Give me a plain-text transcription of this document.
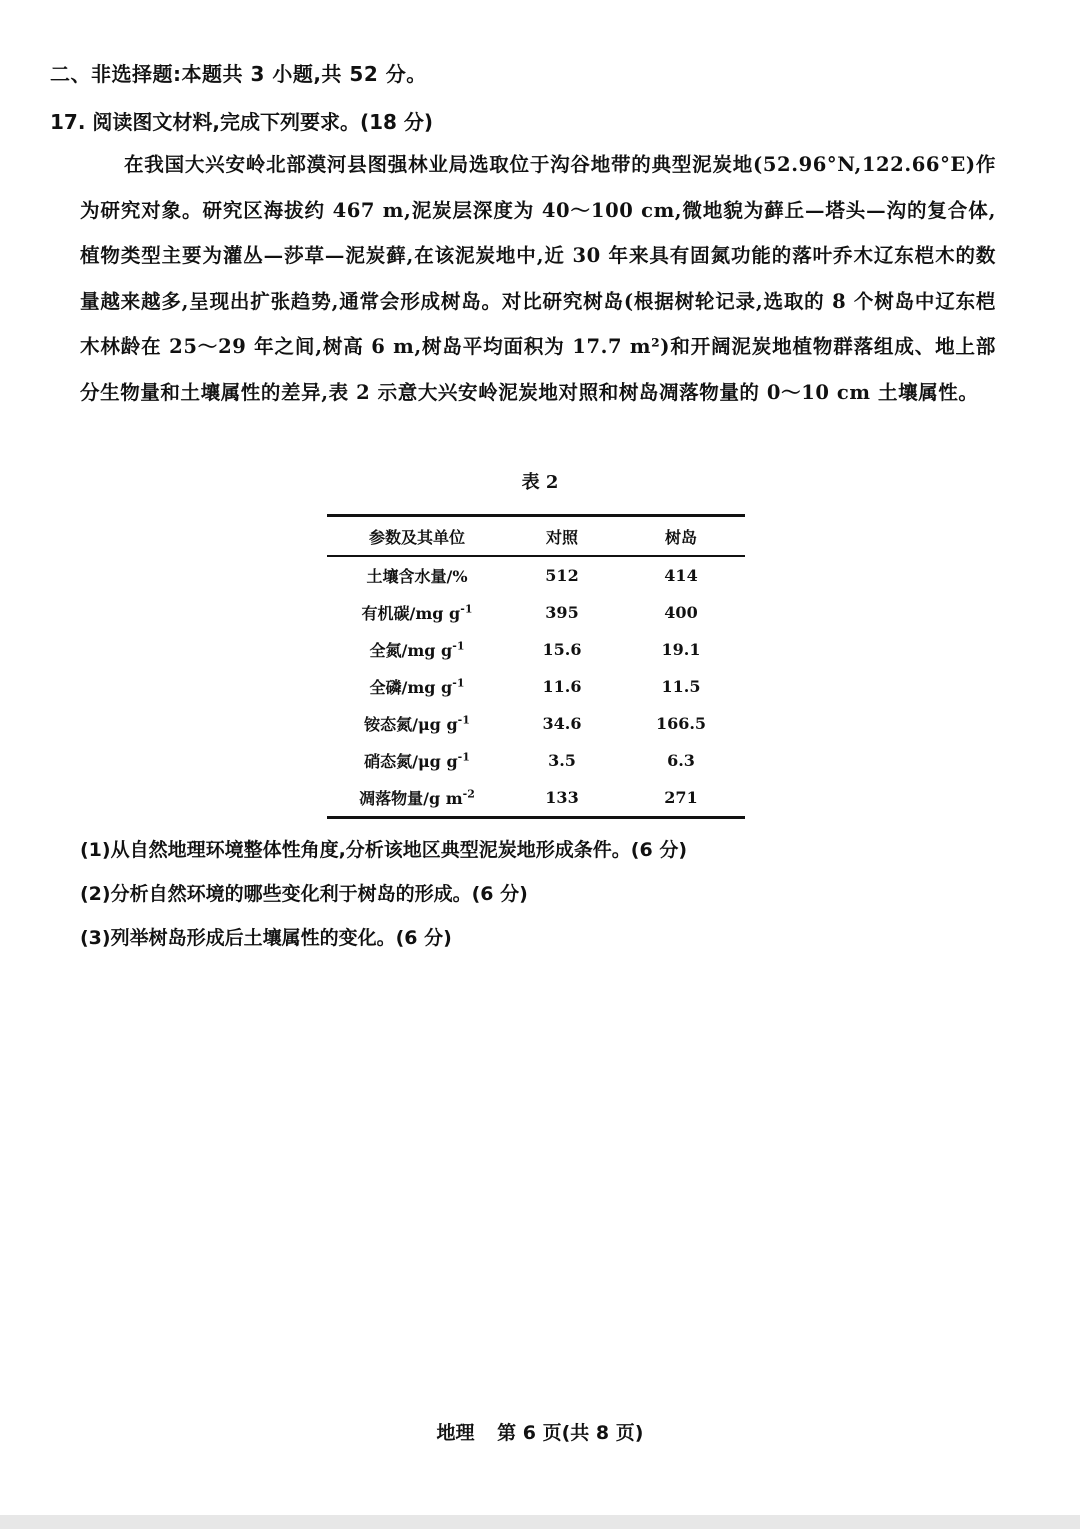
二、非选择题:本题共 3 小题,共 52 分。
17. 阅读图文材料,完成下列要求。(18 分)
在我国大兴安岭北部漠河县图强林业局选取位于沟谷地带的典型泥炭地(52.96°N,122.66°E)作为研究对象。研究区海拔约 467 m,泥炭层深度为 40～100 cm,微地貌为藓丘—塔头—沟的复合体,植物类型主要为灌丛—莎草—泥炭藓,在该泥炭地中,近 30 年来具有固氮功能的落叶乔木辽东桤木的数量越来越多,呈现出扩张趋势,通常会形成树岛。对比研究树岛(根据树轮记录,选取的 8 个树岛中辽东桤木林龄在 25～29 年之间,树高 6 m,树岛平均面积为 17.7 m²)和开阔泥炭地植物群落组成、地上部分生物量和土壤属性的差异,表 2 示意大兴安岭泥炭地对照和树岛凋落物量的 0～10 cm 土壤属性。
表 2
参数及其单位	对照	树岛
土壤含水量/%	512	414
有机碳/mg $g^{-1}$	395	400
全氮/mg $g^{-1}$	15.6	19.1
全磷/mg $g^{-1}$	11.6	11.5
铵态氮/μg $g^{-1}$	34.6	166.5
硝态氮/μg $g^{-1}$	3.5	6.3
凋落物量/g $m^{-2}$	133	271
(1)从自然地理环境整体性角度,分析该地区典型泥炭地形成条件。(6 分)
(2)分析自然环境的哪些变化利于树岛的形成。(6 分)
(3)列举树岛形成后土壤属性的变化。(6 分)
地理 第 6 页(共 8 页)
